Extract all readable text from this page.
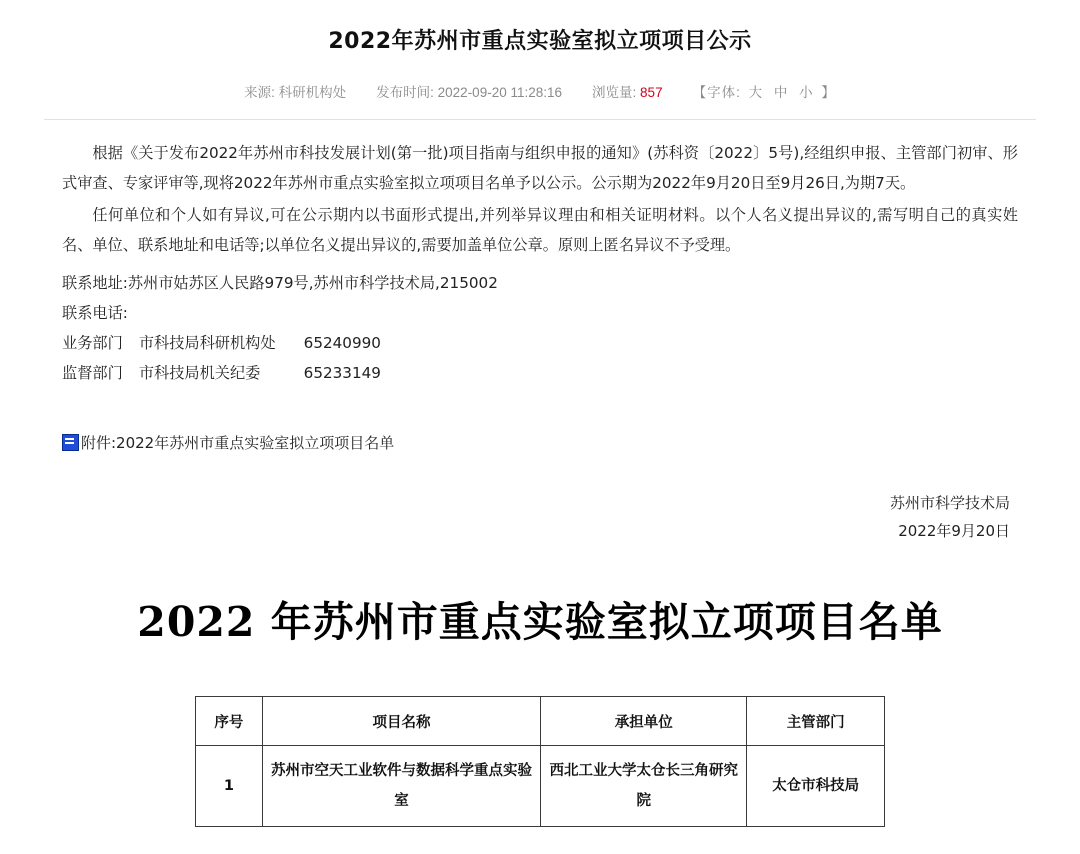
2022年苏州市重点实验室拟立项项目公示
来源: 科研机构处 发布时间: 2022-09-20 11:28:16 浏览量: 857 【字体: 大 中 小 】

根据《关于发布2022年苏州市科技发展计划(第一批)项目指南与组织申报的通知》(苏科资〔2022〕5号),经组织申报、主管部门初审、形式审查、专家评审等,现将2022年苏州市重点实验室拟立项项目名单予以公示。公示期为2022年9月20日至9月26日,为期7天。

任何单位和个人如有异议,可在公示期内以书面形式提出,并列举异议理由和相关证明材料。以个人名义提出异议的,需写明自己的真实姓名、单位、联系地址和电话等;以单位名义提出异议的,需要加盖单位公章。原则上匿名异议不予受理。

联系地址:苏州市姑苏区人民路979号,苏州市科学技术局,215002

联系电话:

业务部门 市科技局科研机构处 65240990

监督部门 市科技局机关纪委	65233149

附件:2022年苏州市重点实验室拟立项项目名单
苏州市科学技术局
2022年9月20日
2022 年苏州市重点实验室拟立项项目名单
序号	项目名称	承担单位	主管部门
1	苏州市空天工业软件与数据科学重点实验室	西北工业大学太仓长三角研究院	太仓市科技局
